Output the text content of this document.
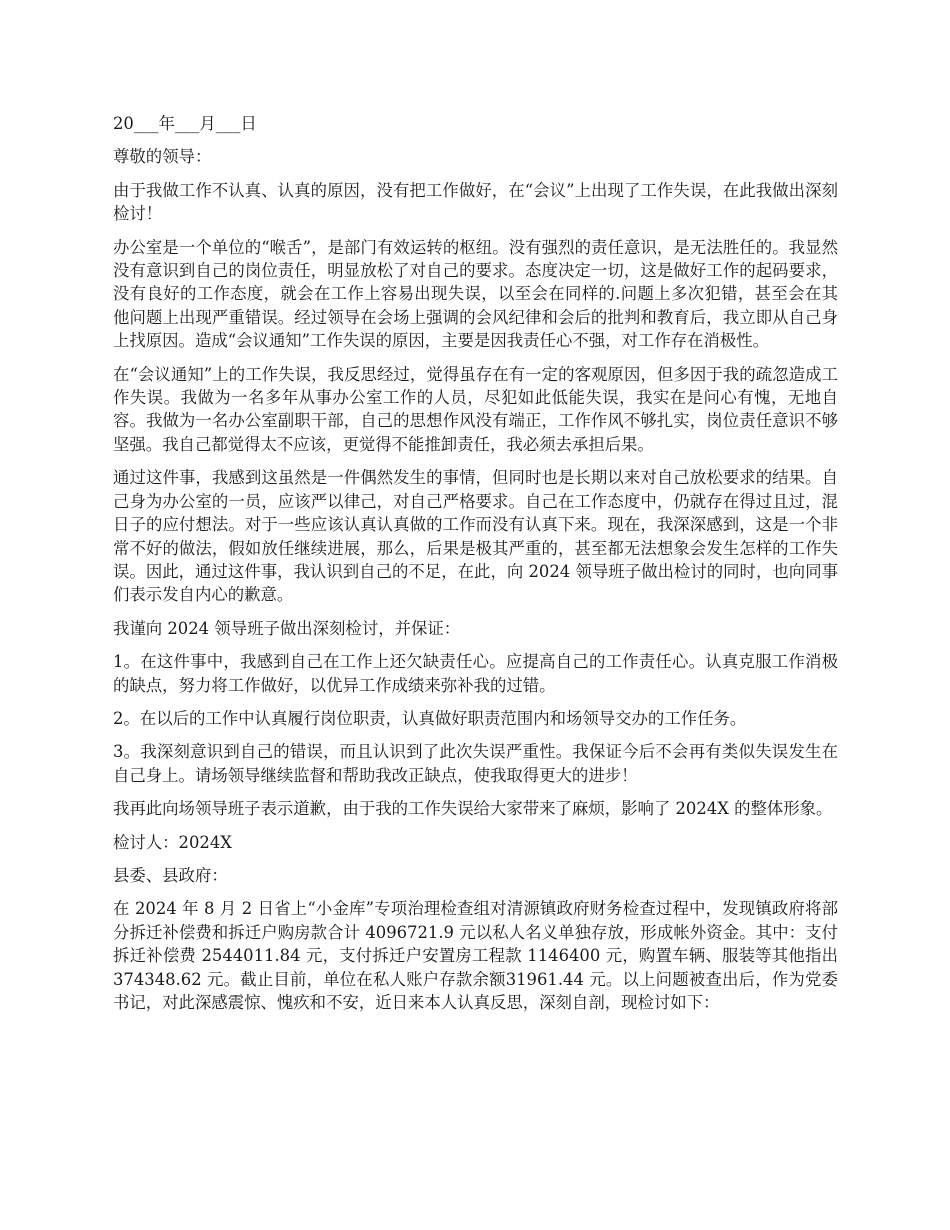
20___年___月___日

尊敬的领导：

由于我做工作不认真、认真的原因，没有把工作做好，在“会议”上出现了工作失误，在此我做出深刻检讨！

办公室是一个单位的“喉舌”，是部门有效运转的枢纽。没有强烈的责任意识，是无法胜任的。我显然没有意识到自己的岗位责任，明显放松了对自己的要求。态度决定一切，这是做好工作的起码要求，没有良好的工作态度，就会在工作上容易出现失误，以至会在同样的.问题上多次犯错，甚至会在其他问题上出现严重错误。经过领导在会场上强调的会风纪律和会后的批判和教育后，我立即从自己身上找原因。造成“会议通知”工作失误的原因，主要是因我责任心不强，对工作存在消极性。

在“会议通知”上的工作失误，我反思经过，觉得虽存在有一定的客观原因，但多因于我的疏忽造成工作失误。我做为一名多年从事办公室工作的人员，尽犯如此低能失误，我实在是问心有愧，无地自容。我做为一名办公室副职干部，自己的思想作风没有端正，工作作风不够扎实，岗位责任意识不够坚强。我自己都觉得太不应该，更觉得不能推卸责任，我必须去承担后果。

通过这件事，我感到这虽然是一件偶然发生的事情，但同时也是长期以来对自己放松要求的结果。自己身为办公室的一员，应该严以律己，对自己严格要求。自己在工作态度中，仍就存在得过且过，混日子的应付想法。对于一些应该认真认真做的工作而没有认真下来。现在，我深深感到，这是一个非常不好的做法，假如放任继续进展，那么，后果是极其严重的，甚至都无法想象会发生怎样的工作失误。因此，通过这件事，我认识到自己的不足，在此，向 2024 领导班子做出检讨的同时，也向同事们表示发自内心的歉意。

我谨向 2024 领导班子做出深刻检讨，并保证：

1。在这件事中，我感到自己在工作上还欠缺责任心。应提高自己的工作责任心。认真克服工作消极的缺点，努力将工作做好，以优异工作成绩来弥补我的过错。

2。在以后的工作中认真履行岗位职责，认真做好职责范围内和场领导交办的工作任务。

3。我深刻意识到自己的错误，而且认识到了此次失误严重性。我保证今后不会再有类似失误发生在自己身上。请场领导继续监督和帮助我改正缺点，使我取得更大的进步！

我再此向场领导班子表示道歉，由于我的工作失误给大家带来了麻烦，影响了 2024X 的整体形象。

检讨人：2024X

县委、县政府：

在 2024 年 8 月 2 日省上“小金库”专项治理检查组对清源镇政府财务检查过程中，发现镇政府将部分拆迁补偿费和拆迁户购房款合计 4096721.9 元以私人名义单独存放，形成帐外资金。其中：支付拆迁补偿费 2544011.84 元，支付拆迁户安置房工程款 1146400 元，购置车辆、服装等其他指出 374348.62 元。截止目前，单位在私人账户存款余额31961.44 元。以上问题被查出后，作为党委书记，对此深感震惊、愧疚和不安，近日来本人认真反思，深刻自剖，现检讨如下：
